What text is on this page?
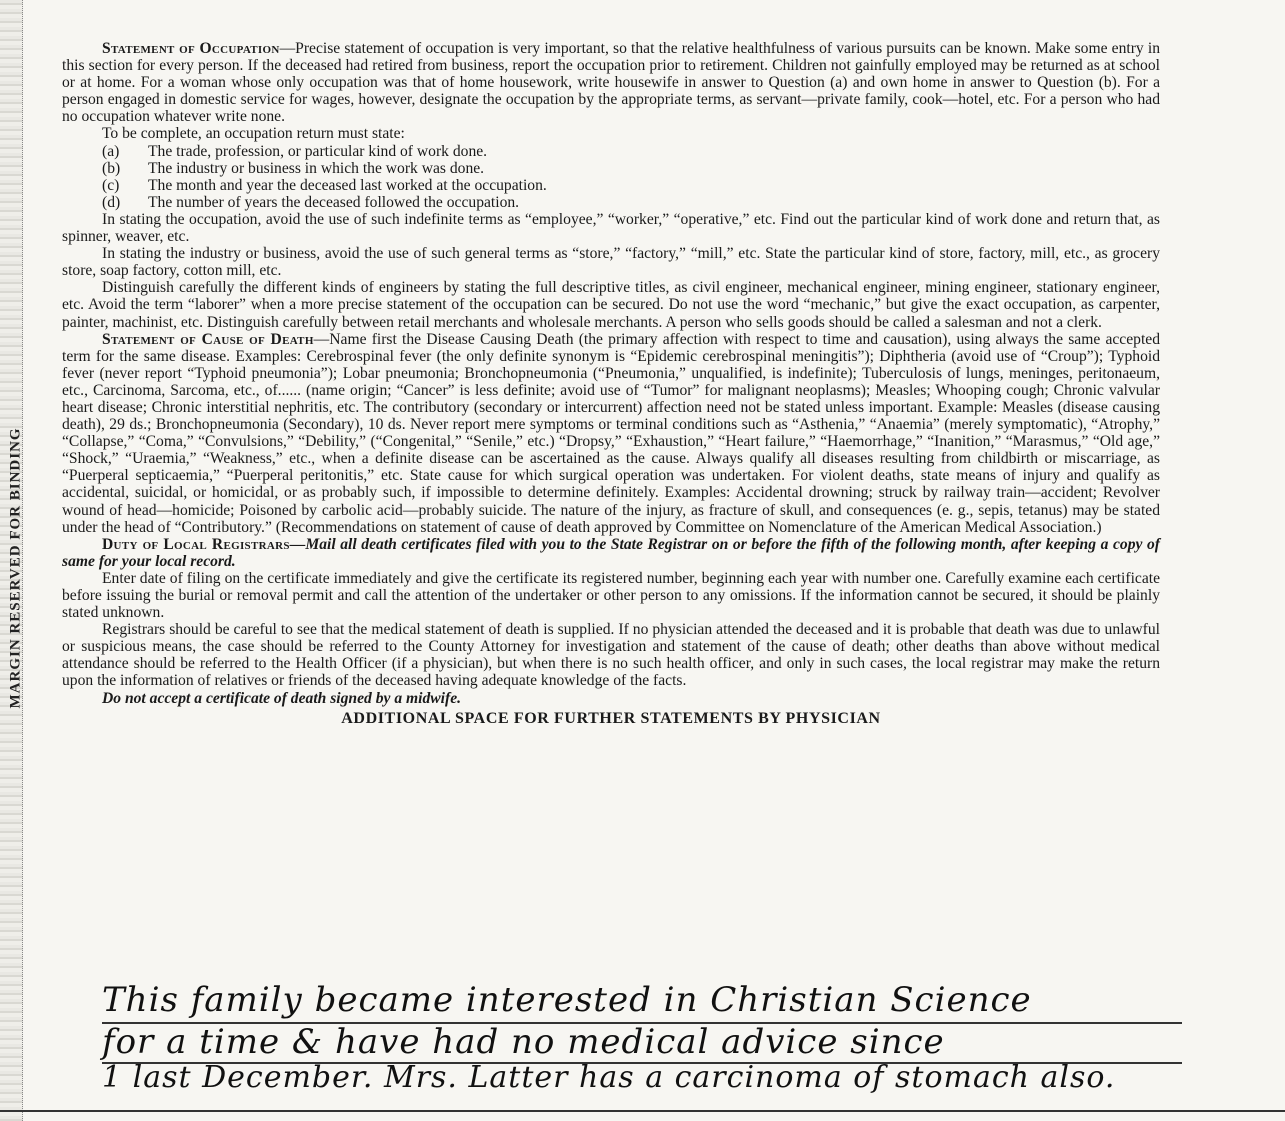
MARGIN RESERVED FOR BINDING

Statement of Occupation—Precise statement of occupation is very important, so that the relative healthfulness of various pursuits can be known. Make some entry in this section for every person. If the deceased had retired from business, report the occupation prior to retirement. Children not gainfully employed may be returned as at school or at home. For a woman whose only occupation was that of home housework, write housewife in answer to Question (a) and own home in answer to Question (b). For a person engaged in domestic service for wages, however, designate the occupation by the appropriate terms, as servant—private family, cook—hotel, etc. For a person who had no occupation whatever write none.

To be complete, an occupation return must state:

(a)	The trade, profession, or particular kind of work done.
(b)	The industry or business in which the work was done.
(c)	The month and year the deceased last worked at the occupation.
(d)	The number of years the deceased followed the occupation.

In stating the occupation, avoid the use of such indefinite terms as “employee,” “worker,” “operative,” etc. Find out the particular kind of work done and return that, as spinner, weaver, etc.

In stating the industry or business, avoid the use of such general terms as “store,” “factory,” “mill,” etc. State the particular kind of store, factory, mill, etc., as grocery store, soap factory, cotton mill, etc.

Distinguish carefully the different kinds of engineers by stating the full descriptive titles, as civil engineer, mechanical engineer, mining engineer, stationary engineer, etc. Avoid the term “laborer” when a more precise statement of the occupation can be secured. Do not use the word “mechanic,” but give the exact occupation, as carpenter, painter, machinist, etc. Distinguish carefully between retail merchants and wholesale merchants. A person who sells goods should be called a salesman and not a clerk.

Statement of Cause of Death—Name first the Disease Causing Death (the primary affection with respect to time and causation), using always the same accepted term for the same disease. Examples: Cerebrospinal fever (the only definite synonym is “Epidemic cerebrospinal meningitis”); Diphtheria (avoid use of “Croup”); Typhoid fever (never report “Typhoid pneumonia”); Lobar pneumonia; Bronchopneumonia (“Pneumonia,” unqualified, is indefinite); Tuberculosis of lungs, meninges, peritonaeum, etc., Carcinoma, Sarcoma, etc., of...... (name origin; “Cancer” is less definite; avoid use of “Tumor” for malignant neoplasms); Measles; Whooping cough; Chronic valvular heart disease; Chronic interstitial nephritis, etc. The contributory (secondary or intercurrent) affection need not be stated unless important. Example: Measles (disease causing death), 29 ds.; Bronchopneumonia (Secondary), 10 ds. Never report mere symptoms or terminal conditions such as “Asthenia,” “Anaemia” (merely symptomatic), “Atrophy,” “Collapse,” “Coma,” “Convulsions,” “Debility,” (“Congenital,” “Senile,” etc.) “Dropsy,” “Exhaustion,” “Heart failure,” “Haemorrhage,” “Inanition,” “Marasmus,” “Old age,” “Shock,” “Uraemia,” “Weakness,” etc., when a definite disease can be ascertained as the cause. Always qualify all diseases resulting from childbirth or miscarriage, as “Puerperal septicaemia,” “Puerperal peritonitis,” etc. State cause for which surgical operation was undertaken. For violent deaths, state means of injury and qualify as accidental, suicidal, or homicidal, or as probably such, if impossible to determine definitely. Examples: Accidental drowning; struck by railway train—accident; Revolver wound of head—homicide; Poisoned by carbolic acid—probably suicide. The nature of the injury, as fracture of skull, and consequences (e. g., sepis, tetanus) may be stated under the head of “Contributory.” (Recommendations on statement of cause of death approved by Committee on Nomenclature of the American Medical Association.)

Duty of Local Registrars—Mail all death certificates filed with you to the State Registrar on or before the fifth of the following month, after keeping a copy of same for your local record.

Enter date of filing on the certificate immediately and give the certificate its registered number, beginning each year with number one. Carefully examine each certificate before issuing the burial or removal permit and call the attention of the undertaker or other person to any omissions. If the information cannot be secured, it should be plainly stated unknown.

Registrars should be careful to see that the medical statement of death is supplied. If no physician attended the deceased and it is probable that death was due to unlawful or suspicious means, the case should be referred to the County Attorney for investigation and statement of the cause of death; other deaths than above without medical attendance should be referred to the Health Officer (if a physician), but when there is no such health officer, and only in such cases, the local registrar may make the return upon the information of relatives or friends of the deceased having adequate knowledge of the facts.

Do not accept a certificate of death signed by a midwife.

ADDITIONAL SPACE FOR FURTHER STATEMENTS BY PHYSICIAN
This family became interested in Christian Science
for a time & have had no medical advice since
1 last December. Mrs. Latter has a carcinoma of stomach also.
